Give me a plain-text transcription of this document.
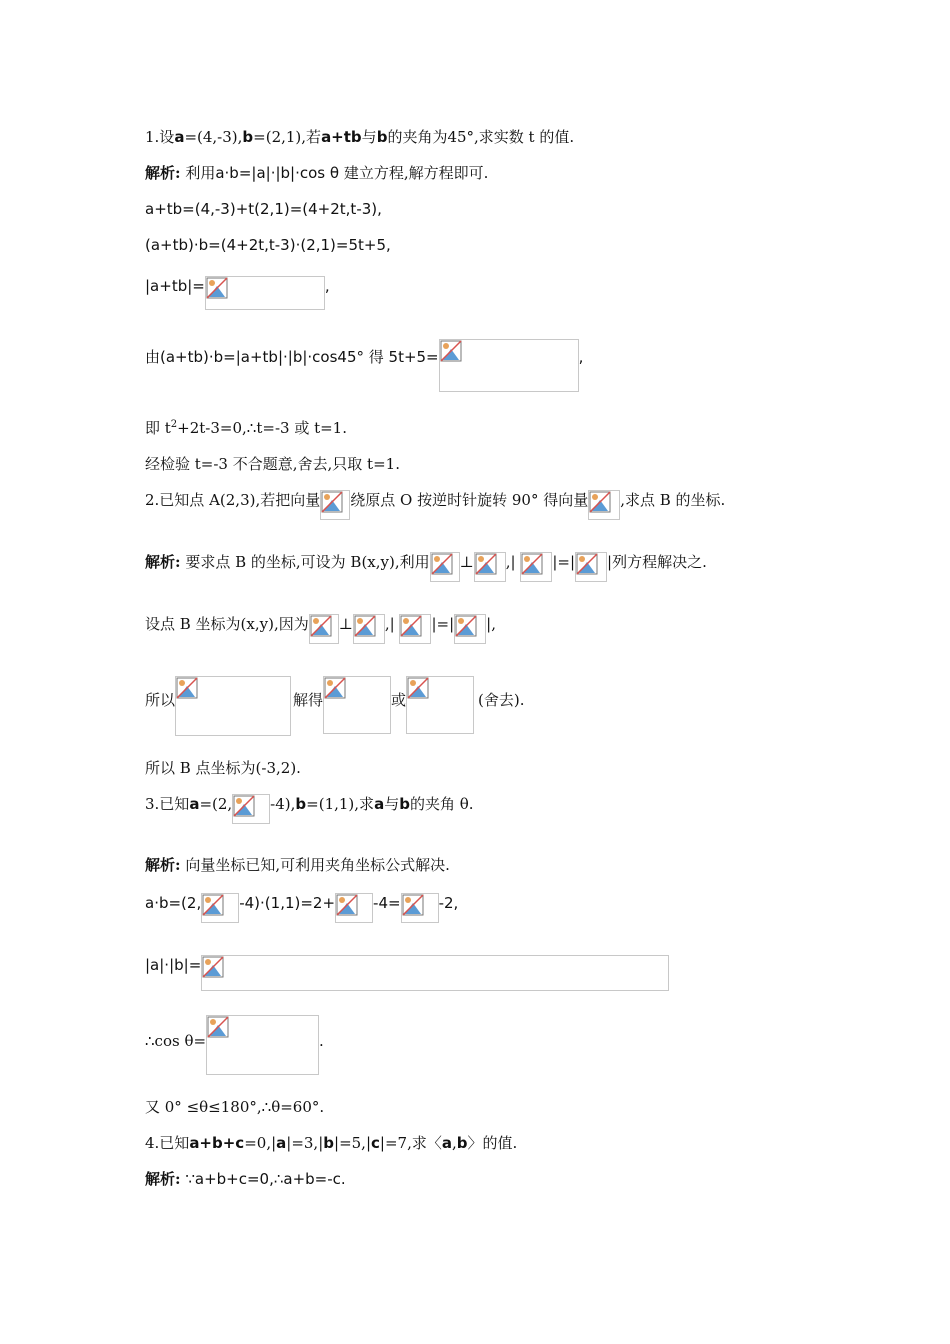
1.设a=(4,-3),b=(2,1),若a+tb与b的夹角为45°,求实数 t 的值.
解析: 利用a·b=|a|·|b|·cos θ 建立方程,解方程即可.
a+tb=(4,-3)+t(2,1)=(4+2t,t-3),
(a+tb)·b=(4+2t,t-3)·(2,1)=5t+5,
|a+tb|=	,
由(a+tb)·b=|a+tb|·|b|·cos45° 得 5t+5=	,
即 $t^2+2t-3=0,\therefore t=-3$ 或 t=1.
经检验 t=-3 不合题意,舍去,只取 t=1.
2.已知点 A(2,3),若把向量 绕原点 O 按逆时针旋转 90° 得向量 ,求点 B 的坐标.
解析: 要求点 B 的坐标,可设为 B(x,y),利用 ⊥ ,| |=| |列方程解决之.
设点 B 坐标为(x,y),因为 ⊥ ,| |=| |,
所以	解得	或	(舍去).
所以 B 点坐标为(-3,2).
3.已知a=(2,	-4),b=(1,1),求a与b的夹角 θ.
解析: 向量坐标已知,可利用夹角坐标公式解决.
a·b=(2,	-4)·(1,1)=2+	-4=	-2,
|a|·|b|=
∴cos θ=	.
又 0° ≤θ≤180°,∴θ=60°.
4.已知a+b+c=0,|a|=3,|b|=5,|c|=7,求〈a,b〉的值.
解析: ∵a+b+c=0,∴a+b=-c.
